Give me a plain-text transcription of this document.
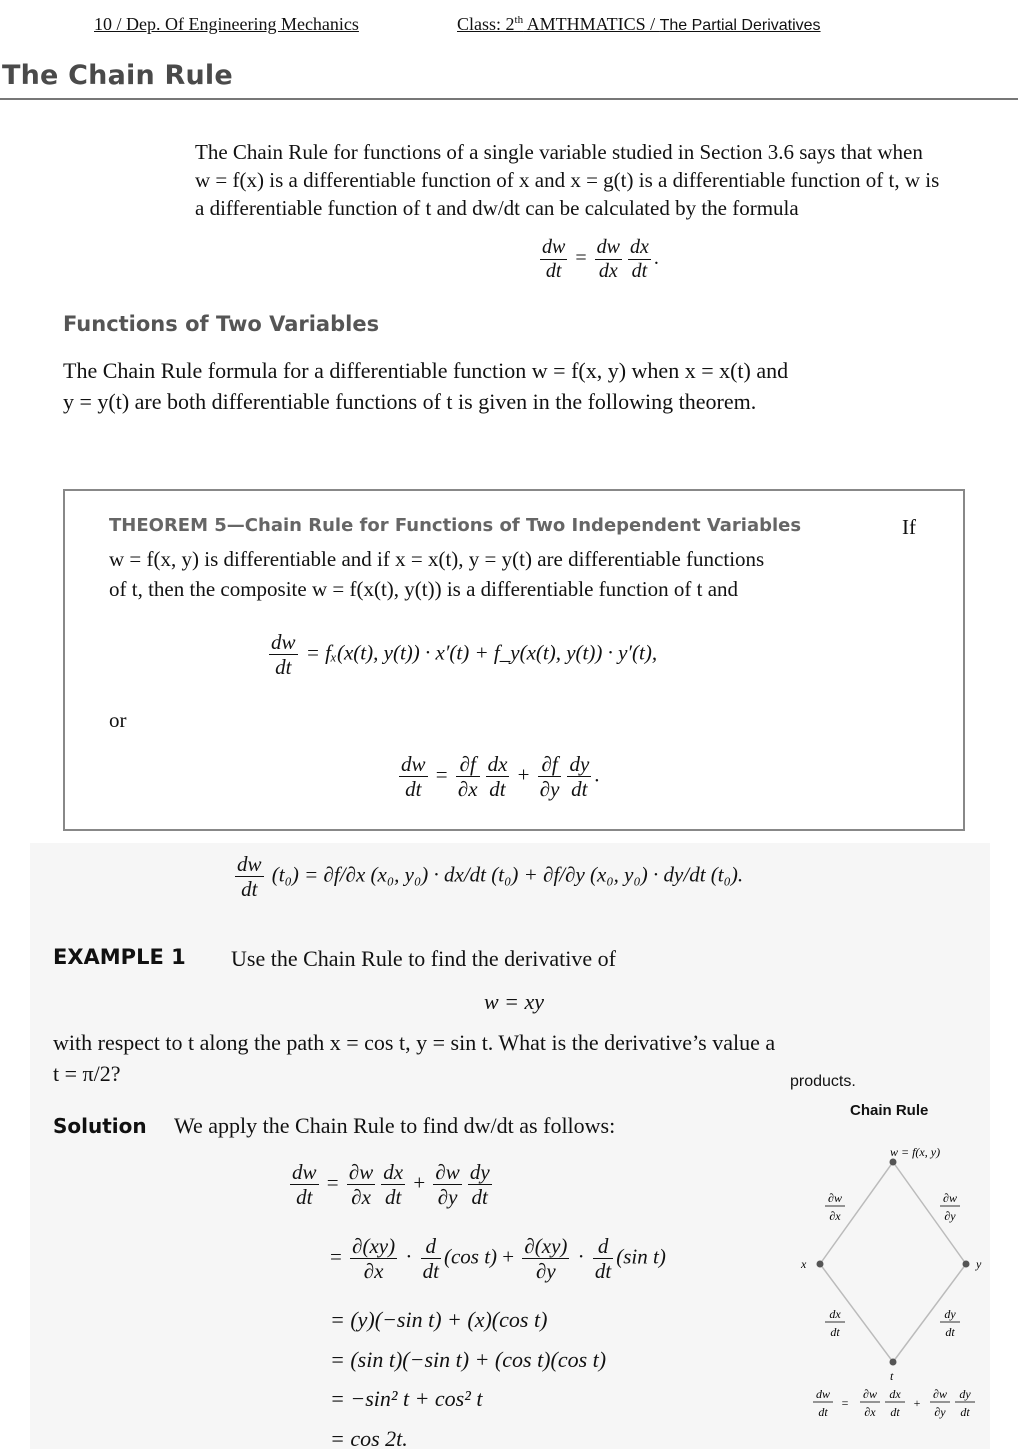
10 / Dep. Of Engineering Mechanics	Class: 2th AMTHMATICS / The Partial Derivatives
The Chain Rule
The Chain Rule for functions of a single variable studied in Section 3.6 says that when
w = f(x) is a differentiable function of x and x = g(t) is a differentiable function of t, w is
a differentiable function of t and dw/dt can be calculated by the formula
$\frac{dw}{dt} = \frac{dw}{dx} \frac{dx}{dt}$ .
Functions of Two Variables
The Chain Rule formula for a differentiable function w = f(x, y) when x = x(t) and
y = y(t) are both differentiable functions of t is given in the following theorem.
THEOREM 5—Chain Rule for Functions of Two Independent Variables	If
w = f(x, y) is differentiable and if x = x(t), y = y(t) are differentiable functions
of t, then the composite w = f(x(t), y(t)) is a differentiable function of t and
$\frac{dw}{dt} = f_x(x(t)$, y(t)) · x′(t) + f_y(x(t), y(t)) · y′(t),
or
$\frac{dw}{dt} = \frac{\partial f}{\partial x} \frac{dx}{dt} + \frac{\partial f}{\partial y} \frac{dy}{dt}$ .
$\frac{dw}{dt} (t_0) = \partial f/\partial x$ (x₀, y₀) · dx/dt (t₀) + ∂f/∂y (x₀, y₀) · dy/dt (t₀).
EXAMPLE 1 Use the Chain Rule to find the derivative of
w = xy
with respect to t along the path x = cos t, y = sin t. What is the derivative’s value a
t = π/2?	products.
Solution We apply the Chain Rule to find dw/dt as follows:
$\frac{dw}{dt} = \frac{\partial w}{\partial x} \frac{dx}{dt} + \frac{\partial w}{\partial y} \frac{dy}{dt}$
= $\frac{\partial(xy)}{\partial x} \cdot \frac{d}{dt} (\cos$ $t) + \frac{\partial(xy)}{\partial y} \cdot \frac{d}{dt} (\sin$ t)
= (y)(−sin t) + (x)(cos t)
= (sin t)(−sin t) + (cos t)(cos t)
= −sin² t + cos² t
= cos 2t.
Chain Rule
w = f(x, y)
x	y
t
∂w
∂x
∂w
∂y
dx
dt
dy
dt
dw
dt
=
∂w
∂x
dx
dt
+
∂w
∂y
dy
dt
